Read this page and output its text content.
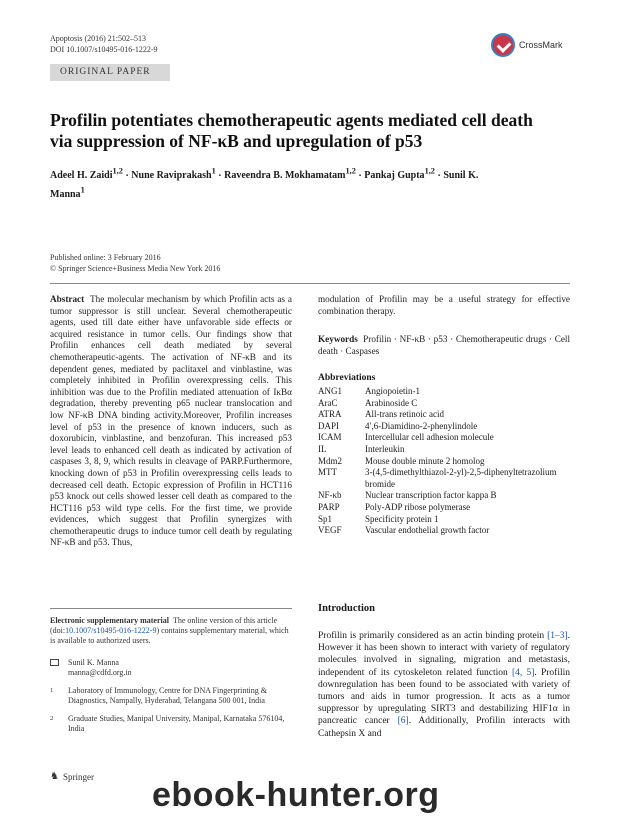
Apoptosis (2016) 21:502–513
DOI 10.1007/s10495-016-1222-9	CrossMark
ORIGINAL PAPER
Profilin potentiates chemotherapeutic agents mediated cell death via suppression of NF-κB and upregulation of p53
Adeel H. Zaidi$^{1,2}$ · Nune Raviprakash$^1$ · Raveendra B. Mokhamatam$^{1,2}$ · Pankaj Gupta$^{1,2}$ · Sunil K. Manna$^1$
Published online: 3 February 2016
© Springer Science+Business Media New York 2016
Abstract The molecular mechanism by which Profilin acts as a tumor suppressor is still unclear. Several chemotherapeutic agents, used till date either have unfavorable side effects or acquired resistance in tumor cells. Our findings show that Profilin enhances cell death mediated by several chemotherapeutic-agents. The activation of NF-κB and its dependent genes, mediated by paclitaxel and vinblastine, was completely inhibited in Profilin overexpressing cells. This inhibition was due to the Profilin mediated attenuation of IκBα degradation, thereby preventing p65 nuclear translocation and low NF-κB DNA binding activity.Moreover, Profilin increases level of p53 in the presence of known inducers, such as doxorubicin, vinblastine, and benzofuran. This increased p53 level leads to enhanced cell death as indicated by activation of caspases 3, 8, 9, which results in cleavage of PARP.Furthermore, knocking down of p53 in Profilin overexpressing cells leads to decreased cell death. Ectopic expression of Profilin in HCT116 p53 knock out cells showed lesser cell death as compared to the HCT116 p53 wild type cells. For the first time, we provide evidences, which suggest that Profilin synergizes with chemotherapeutic drugs to induce tumor cell death by regulating NF-κB and p53. Thus,
modulation of Profilin may be a useful strategy for effective combination therapy.
Keywords Profilin · NF-κB · p53 · Chemotherapeutic drugs · Cell death · Caspases
Abbreviations
ANG1	Angiopoietin-1
AraC	Arabinoside C
ATRA	All-trans retinoic acid
DAPI	4′,6-Diamidino-2-phenylindole
ICAM	Intercellular cell adhesion molecule
IL	Interleukin
Mdm2	Mouse double minute 2 homolog
MTT	3-(4,5-dimethylthiazol-2-yl)-2,5-diphenyltetrazolium bromide
NF-κb	Nuclear transcription factor kappa B
PARP	Poly-ADP ribose polymerase
Sp1	Specificity protein 1
VEGF	Vascular endothelial growth factor
Electronic supplementary material The online version of this article (doi:10.1007/s10495-016-1222-9) contains supplementary material, which is available to authorized users.
Sunil K. Manna
manna@cdfd.org.in
$^1$	Laboratory of Immunology, Centre for DNA Fingerprinting & Diagnostics, Nampally, Hyderabad, Telangana 500 001, India
$^2$	Graduate Studies, Manipal University, Manipal, Karnataka 576104, India
Introduction
Profilin is primarily considered as an actin binding protein [1–3]. However it has been shown to interact with variety of regulatory molecules involved in signaling, migration and metastasis, independent of its cytoskeleton related function [4, 5]. Profilin downregulation has been found to be associated with variety of tumors and aids in tumor progression. It acts as a tumor suppressor by upregulating SIRT3 and destabilizing HIF1α in pancreatic cancer [6]. Additionally, Profilin interacts with Cathepsin X and
♞ Springer ebook-hunter.org
